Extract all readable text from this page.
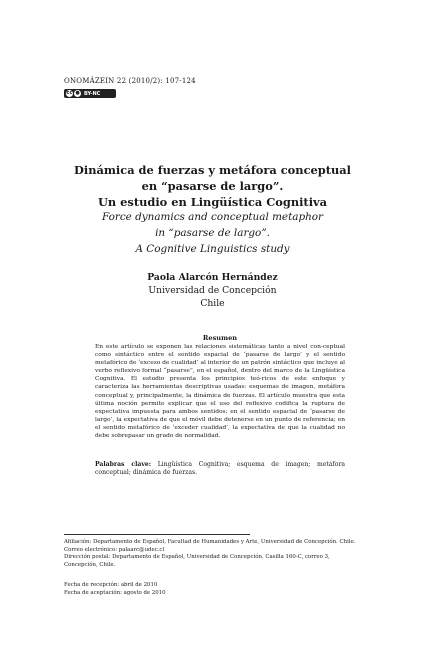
ONOMÁZEIN 22 (2010/2): 107-124
cc ● BY-NC
Dinámica de fuerzas y metáfora conceptual
en “pasarse de largo”.
Un estudio en Lingüística Cognitiva
Force dynamics and conceptual metaphor
in “pasarse de largo”.
A Cognitive Linguistics study
Paola Alarcón Hernández
Universidad de Concepción
Chile
Resumen
En este artículo se exponen las relaciones sistemáticas tanto a nivel con-ceptual como sintáctico entre el sentido espacial de ‘pasarse de largo’ y el sentido metafórico de ‘exceso de cualidad’ al interior de un patrón sintáctico que incluye al verbo reflexivo formal “pasarse”, en el español, dentro del marco de la Lingüística Cognitiva. El estudio presenta los principios teó-ricos de este enfoque y caracteriza las herramientas descriptivas usadas: esquemas de imagen, metáfora conceptual y, principalmente, la dinámica de fuerzas. El artículo muestra que esta última noción permite explicar que el uso del reflexivo codifica la ruptura de expectativa impuesta para ambos sentidos; en el sentido espacial de ‘pasarse de largo’, la expectativa de que el móvil debe detenerse en un punto de referencia; en el sentido metafórico de ‘exceder cualidad’, la expectativa de que la cualidad no debe sobrepasar un grado de normalidad.
Palabras clave: Lingüística Cognitiva; esquema de imagen; metáfora conceptual; dinámica de fuerzas.
Afiliación: Departamento de Español, Facultad de Humanidades y Arte, Universidad de Concepción. Chile.
Correo electrónico: palaarc@udec.cl
Dirección postal: Departamento de Español, Universidad de Concepción. Casilla 160-C, correo 3, Concepción, Chile.
Fecha de recepción: abril de 2010
Fecha de aceptación: agosto de 2010
